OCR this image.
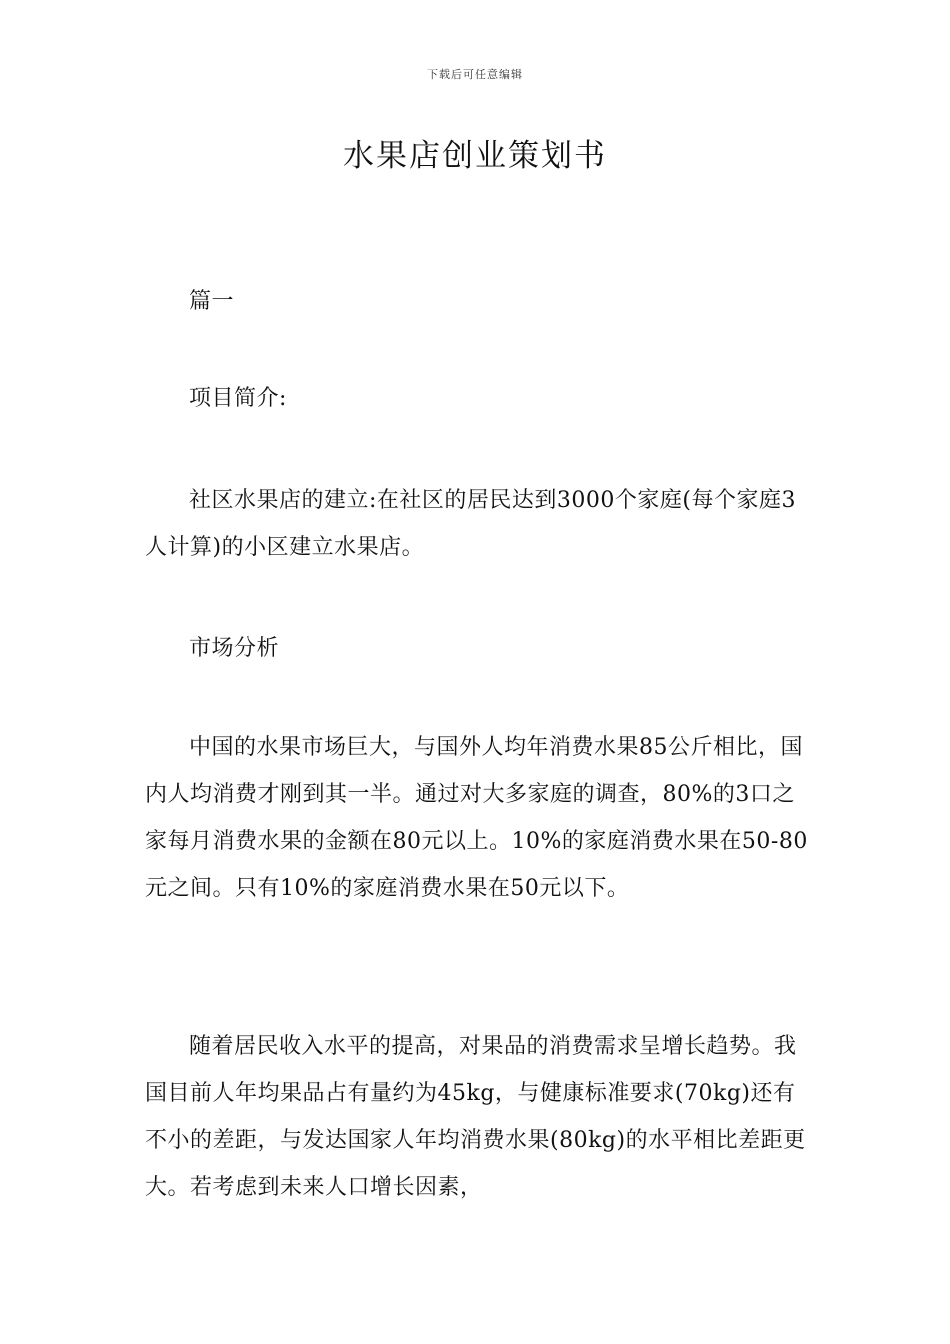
下载后可任意编辑
水果店创业策划书

篇一

项目简介:

社区水果店的建立:在社区的居民达到3000个家庭(每个家庭3人计算)的小区建立水果店。

市场分析

中国的水果市场巨大，与国外人均年消费水果85公斤相比，国内人均消费才刚到其一半。通过对大多家庭的调查，80%的3口之家每月消费水果的金额在80元以上。10%的家庭消费水果在50-80元之间。只有10%的家庭消费水果在50元以下。

随着居民收入水平的提高，对果品的消费需求呈增长趋势。我国目前人年均果品占有量约为45kg，与健康标准要求(70kg)还有不小的差距，与发达国家人年均消费水果(80kg)的水平相比差距更大。若考虑到未来人口增长因素，
